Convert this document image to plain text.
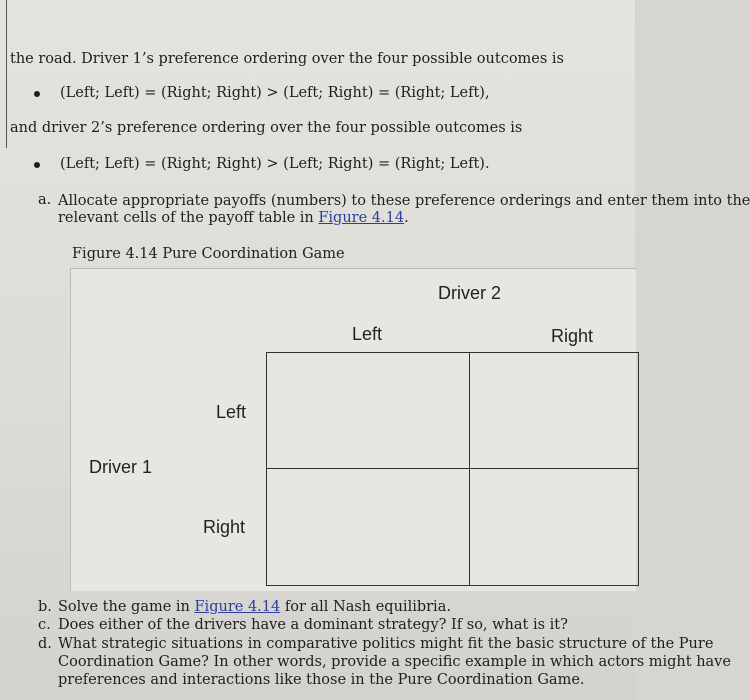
the road. Driver 1’s preference ordering over the four possible outcomes is
(Left; Left) = (Right; Right) > (Left; Right) = (Right; Left),
and driver 2’s preference ordering over the four possible outcomes is
(Left; Left) = (Right; Right) > (Left; Right) = (Right; Left).
a. Allocate appropriate payoffs (numbers) to these preference orderings and enter them into the
relevant cells of the payoff table in Figure 4.14.
Figure 4.14 Pure Coordination Game
Driver 2
Left	Right
Left
Driver 1
Right
b. Solve the game in Figure 4.14 for all Nash equilibria.
c. Does either of the drivers have a dominant strategy? If so, what is it?
d. What strategic situations in comparative politics might fit the basic structure of the Pure
Coordination Game? In other words, provide a specific example in which actors might have
preferences and interactions like those in the Pure Coordination Game.
